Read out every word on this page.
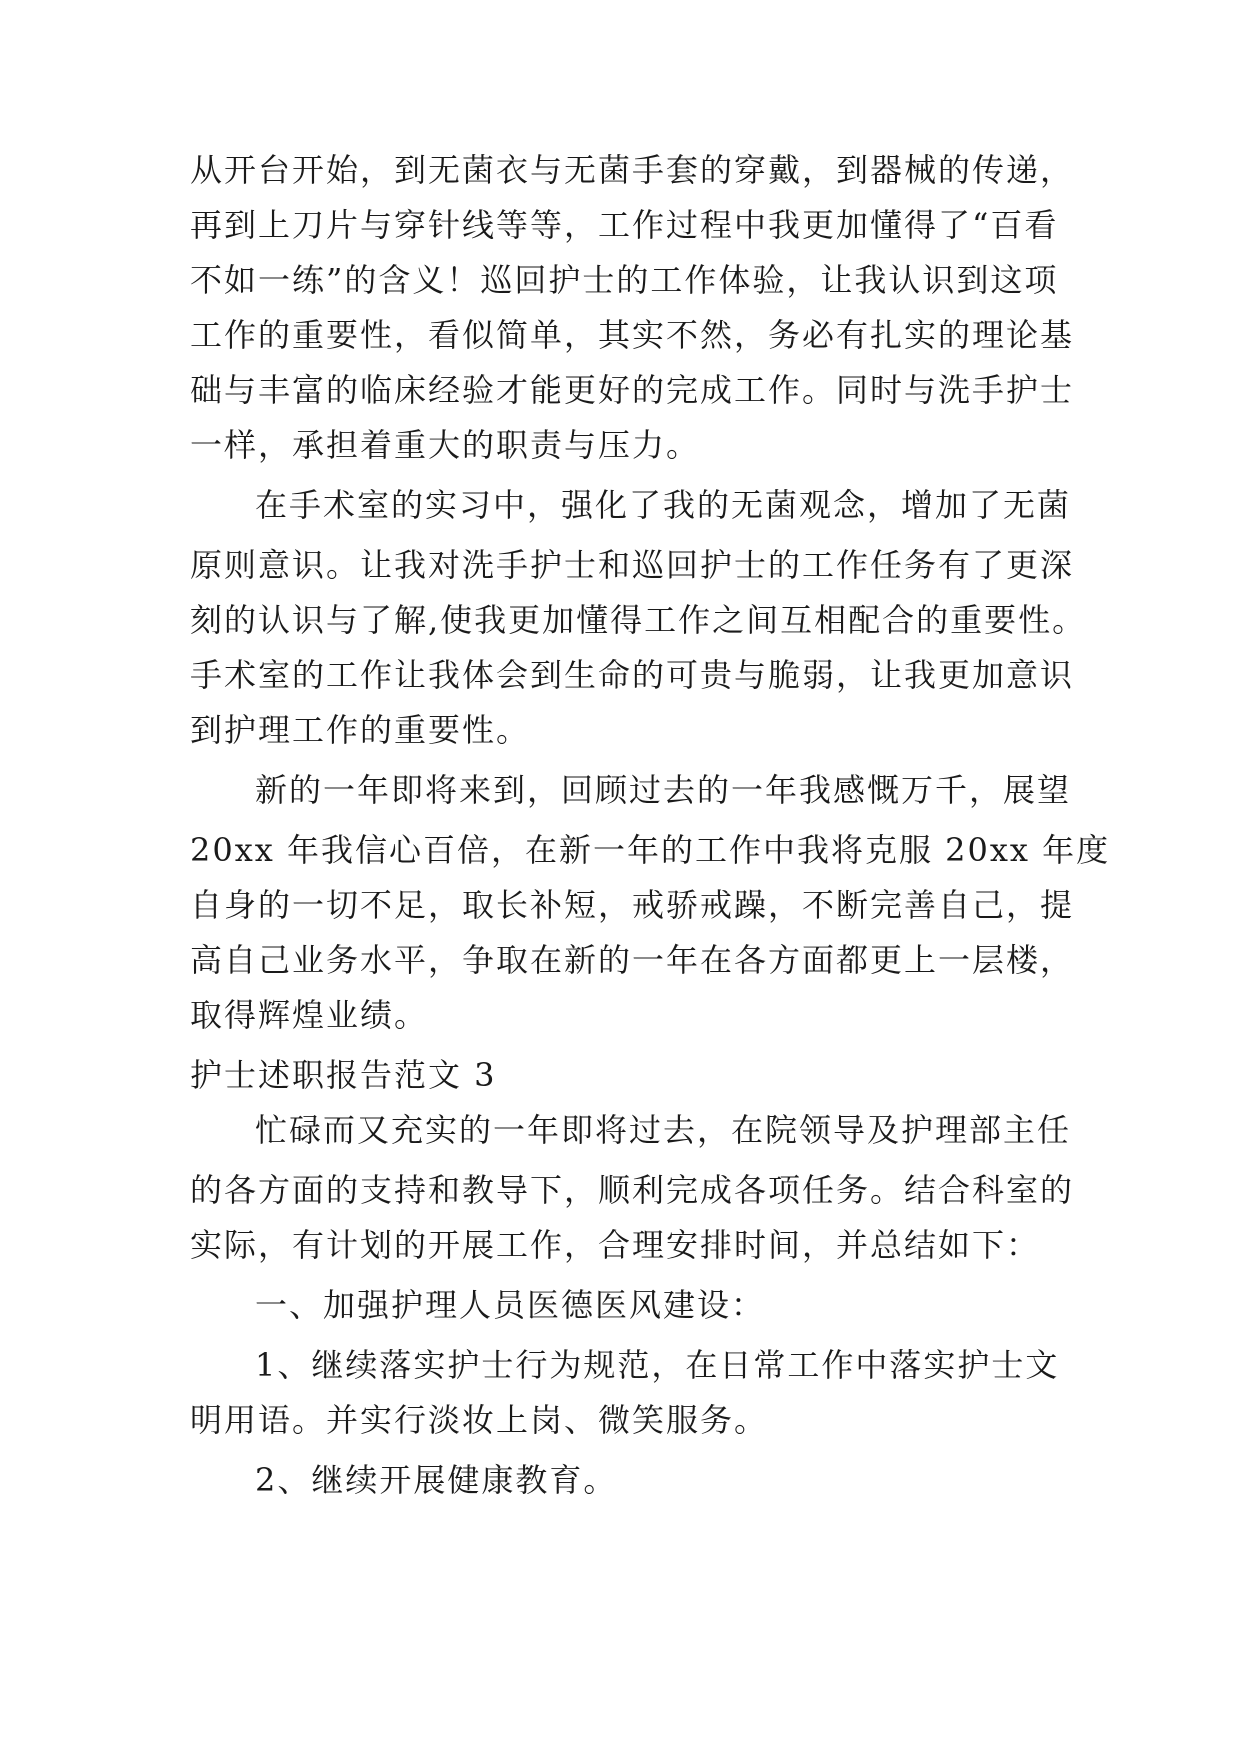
从开台开始，到无菌衣与无菌手套的穿戴，到器械的传递，
再到上刀片与穿针线等等，工作过程中我更加懂得了“百看
不如一练”的含义！巡回护士的工作体验，让我认识到这项
工作的重要性，看似简单，其实不然，务必有扎实的理论基
础与丰富的临床经验才能更好的完成工作。同时与洗手护士
一样，承担着重大的职责与压力。
在手术室的实习中，强化了我的无菌观念，增加了无菌
原则意识。让我对洗手护士和巡回护士的工作任务有了更深
刻的认识与了解,使我更加懂得工作之间互相配合的重要性。
手术室的工作让我体会到生命的可贵与脆弱，让我更加意识
到护理工作的重要性。
新的一年即将来到，回顾过去的一年我感慨万千，展望
20xx 年我信心百倍，在新一年的工作中我将克服 20xx 年度
自身的一切不足，取长补短，戒骄戒躁，不断完善自己，提
高自己业务水平，争取在新的一年在各方面都更上一层楼，
取得辉煌业绩。
护士述职报告范文 3
忙碌而又充实的一年即将过去，在院领导及护理部主任
的各方面的支持和教导下，顺利完成各项任务。结合科室的
实际，有计划的开展工作，合理安排时间，并总结如下：
一、加强护理人员医德医风建设：
1、继续落实护士行为规范，在日常工作中落实护士文
明用语。并实行淡妆上岗、微笑服务。
2、继续开展健康教育。
